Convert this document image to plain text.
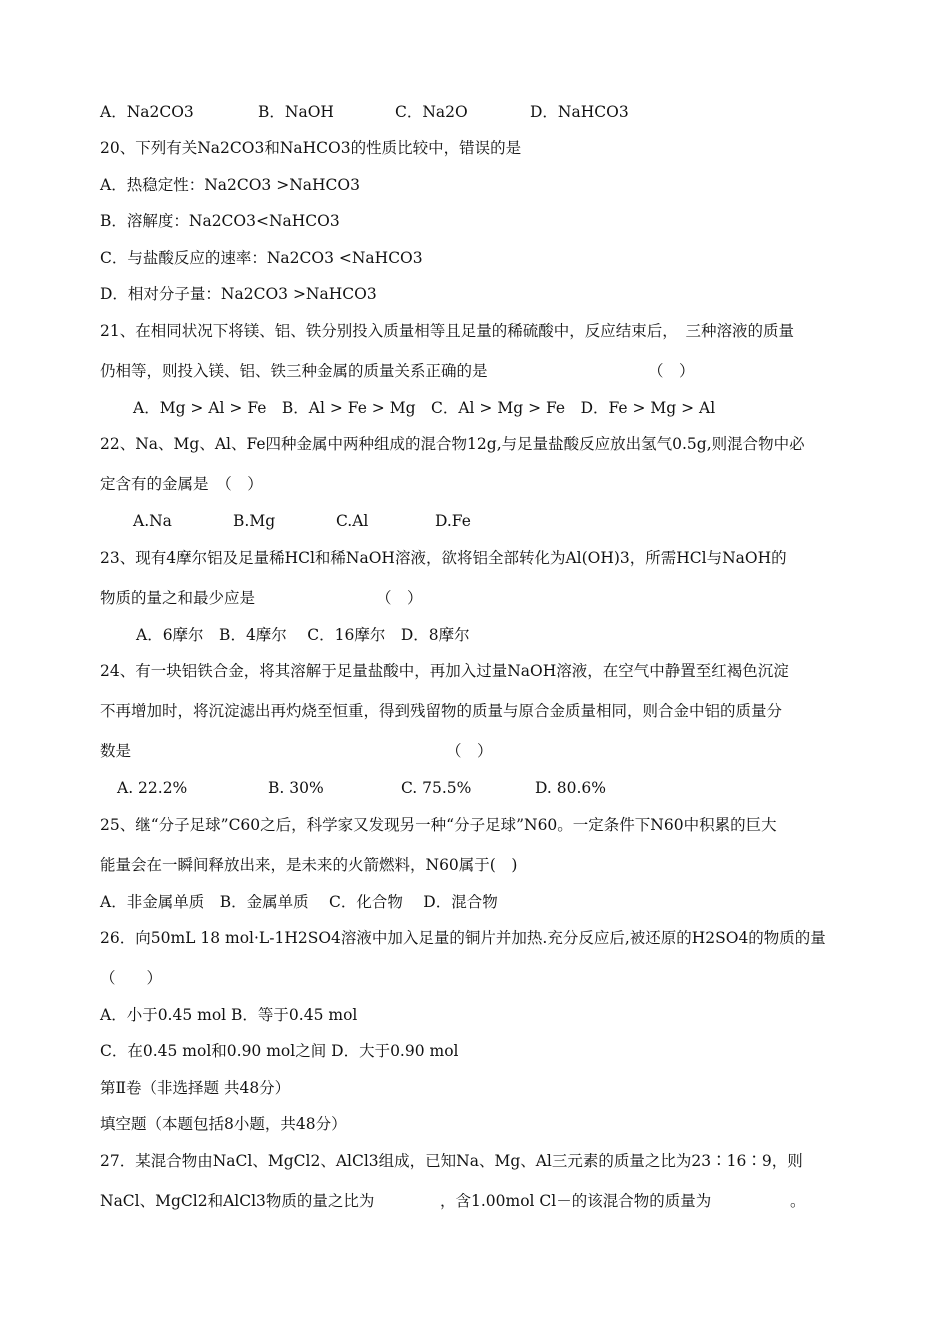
A．Na2CO3	B．NaOH	C．Na2O	D．NaHCO3
20、下列有关Na2CO3和NaHCO3的性质比较中，错误的是
A．热稳定性：Na2CO3 >NaHCO3
B．溶解度：Na2CO3<NaHCO3
C．与盐酸反应的速率：Na2CO3 <NaHCO3
D．相对分子量：Na2CO3 >NaHCO3
21、在相同状况下将镁、铝、铁分别投入质量相等且足量的稀硫酸中，反应结束后，　三种溶液的质量
仍相等，则投入镁、铝、铁三种金属的质量关系正确的是	（　）
A．Mg > Al > Fe　B．Al > Fe > Mg　C．Al > Mg > Fe　D．Fe > Mg > Al
22、Na、Mg、Al、Fe四种金属中两种组成的混合物12g,与足量盐酸反应放出氢气0.5g,则混合物中必
定含有的金属是　（　）
A.Na	B.Mg	C.Al	D.Fe
23、现有4摩尔铝及足量稀HCl和稀NaOH溶液，欲将铝全部转化为Al(OH)3，所需HCl与NaOH的
物质的量之和最少应是	（　）
A．6摩尔　B．4摩尔　 C．16摩尔　D．8摩尔
24、有一块铝铁合金，将其溶解于足量盐酸中，再加入过量NaOH溶液，在空气中静置至红褐色沉淀
不再增加时，将沉淀滤出再灼烧至恒重，得到残留物的质量与原合金质量相同，则合金中铝的质量分
数是	（　）
A. 22.2%	B. 30%	C. 75.5%	D. 80.6%
25、继“分子足球”C60之后，科学家又发现另一种“分子足球”N60。一定条件下N60中积累的巨大
能量会在一瞬间释放出来，是未来的火箭燃料，N60属于(　)
A．非金属单质　B．金属单质　 C．化合物　 D．混合物
26．向50mL 18 mol·L-1H2SO4溶液中加入足量的铜片并加热.充分反应后,被还原的H2SO4的物质的量
（　　）
A．小于0.45 mol B．等于0.45 mol
C．在0.45 mol和0.90 mol之间 D．大于0.90 mol
第Ⅱ卷（非选择题 共48分）
填空题（本题包括8小题，共48分）
27．某混合物由NaCl、MgCl2、AlCl3组成，已知Na、Mg、Al三元素的质量之比为23∶16∶9，则
NaCl、MgCl2和AlCl3物质的量之比为	，含1.00mol Cl－的该混合物的质量为	。
